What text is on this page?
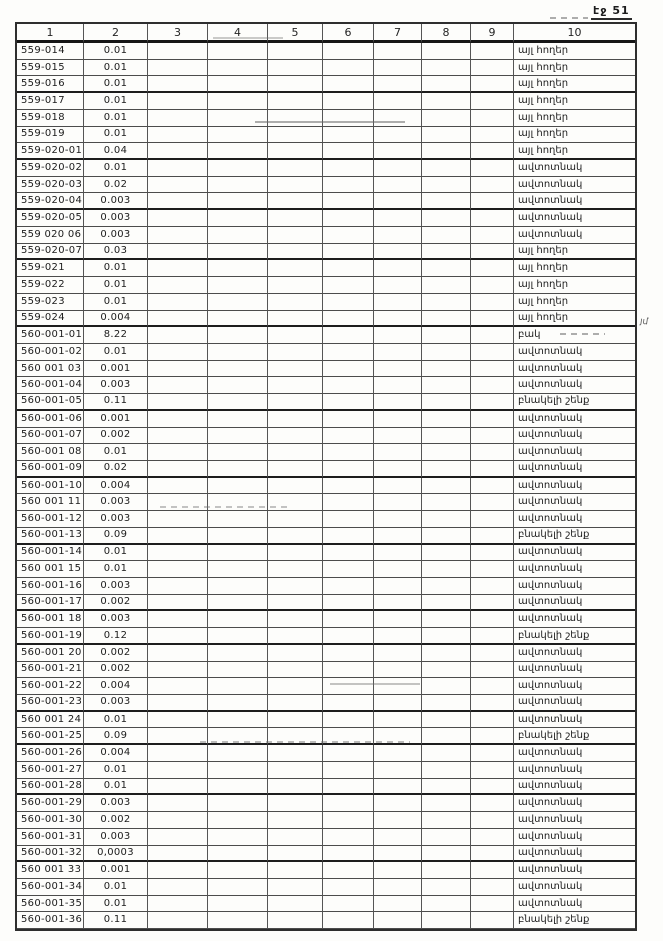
էջ 51
1	2	3	4	5	6	7	8	9	10
559-014	0.01	այլ հողեր
559-015	0.01	այլ հողեր
559-016	0.01	այլ հողեր
559-017	0.01	այլ հողեր
559-018	0.01	այլ հողեր
559-019	0.01	այլ հողեր
559-020-01	0.04	այլ հողեր
559-020-02	0.01	ավտոտնակ
559-020-03	0.02	ավտոտնակ
559-020-04	0.003	ավտոտնակ
559-020-05	0.003	ավտոտնակ
559 020 06	0.003	ավտոտնակ
559-020-07	0.03	այլ հողեր
559-021	0.01	այլ հողեր
559-022	0.01	այլ հողեր
559-023	0.01	այլ հողեր
559-024	0.004	այլ հողեր
560-001-01	8.22	բակ
560-001-02	0.01	ավտոտնակ
560 001 03	0.001	ավտոտնակ
560-001-04	0.003	ավտոտնակ
560-001-05	0.11	բնակելի շենք
560-001-06	0.001	ավտոտնակ
560-001-07	0.002	ավտոտնակ
560-001 08	0.01	ավտոտնակ
560-001-09	0.02	ավտոտնակ
560-001-10	0.004	ավտոտնակ
560 001 11	0.003	ավտոտնակ
560-001-12	0.003	ավտոտնակ
560-001-13	0.09	բնակելի շենք
560-001-14	0.01	ավտոտնակ
560 001 15	0.01	ավտոտնակ
560-001-16	0.003	ավտոտնակ
560-001-17	0.002	ավտոտնակ
560-001 18	0.003	ավտոտնակ
560-001-19	0.12	բնակելի շենք
560-001 20	0.002	ավտոտնակ
560-001-21	0.002	ավտոտնակ
560-001-22	0.004	ավտոտնակ
560-001-23	0.003	ավտոտնակ
560 001 24	0.01	ավտոտնակ
560-001-25	0.09	բնակելի շենք
560-001-26	0.004	ավտոտնակ
560-001-27	0.01	ավտոտնակ
560-001-28	0.01	ավտոտնակ
560-001-29	0.003	ավտոտնակ
560-001-30	0.002	ավտոտնակ
560-001-31	0.003	ավտոտնակ
560-001-32	0,0003	ավտոտնակ
560 001 33	0.001	ավտոտնակ
560-001-34	0.01	ավտոտնակ
560-001-35	0.01	ավտոտնակ
560-001-36	0.11	բնակելի շենք
յմ
